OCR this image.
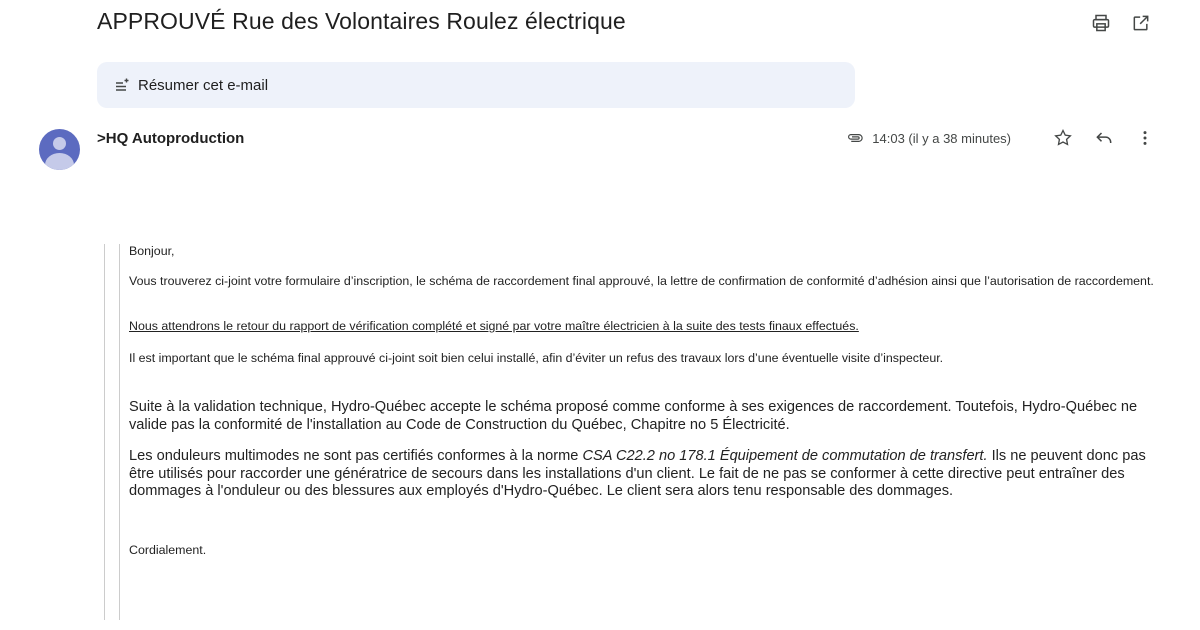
APPROUVÉ Rue des Volontaires Roulez électrique
Résumer cet e-mail
>HQ Autoproduction	14:03 (il y a 38 minutes)

Bonjour,

Vous trouverez ci-joint votre formulaire d’inscription, le schéma de raccordement final approuvé, la lettre de confirmation de conformité d’adhésion ainsi que l’autorisation de raccordement.

Nous attendrons le retour du rapport de vérification complété et signé par votre maître électricien à la suite des tests finaux effectués.

Il est important que le schéma final approuvé ci-joint soit bien celui installé, afin d’éviter un refus des travaux lors d’une éventuelle visite d’inspecteur.

Suite à la validation technique, Hydro-Québec accepte le schéma proposé comme conforme à ses exigences de raccordement. Toutefois, Hydro-Québec ne valide pas la conformité de l'installation au Code de Construction du Québec, Chapitre no 5 Électricité.

Les onduleurs multimodes ne sont pas certifiés conformes à la norme CSA C22.2 no 178.1 Équipement de commutation de transfert. Ils ne peuvent donc pas être utilisés pour raccorder une génératrice de secours dans les installations d'un client. Le fait de ne pas se conformer à cette directive peut entraîner des dommages à l'onduleur ou des blessures aux employés d'Hydro-Québec. Le client sera alors tenu responsable des dommages.

Cordialement.
